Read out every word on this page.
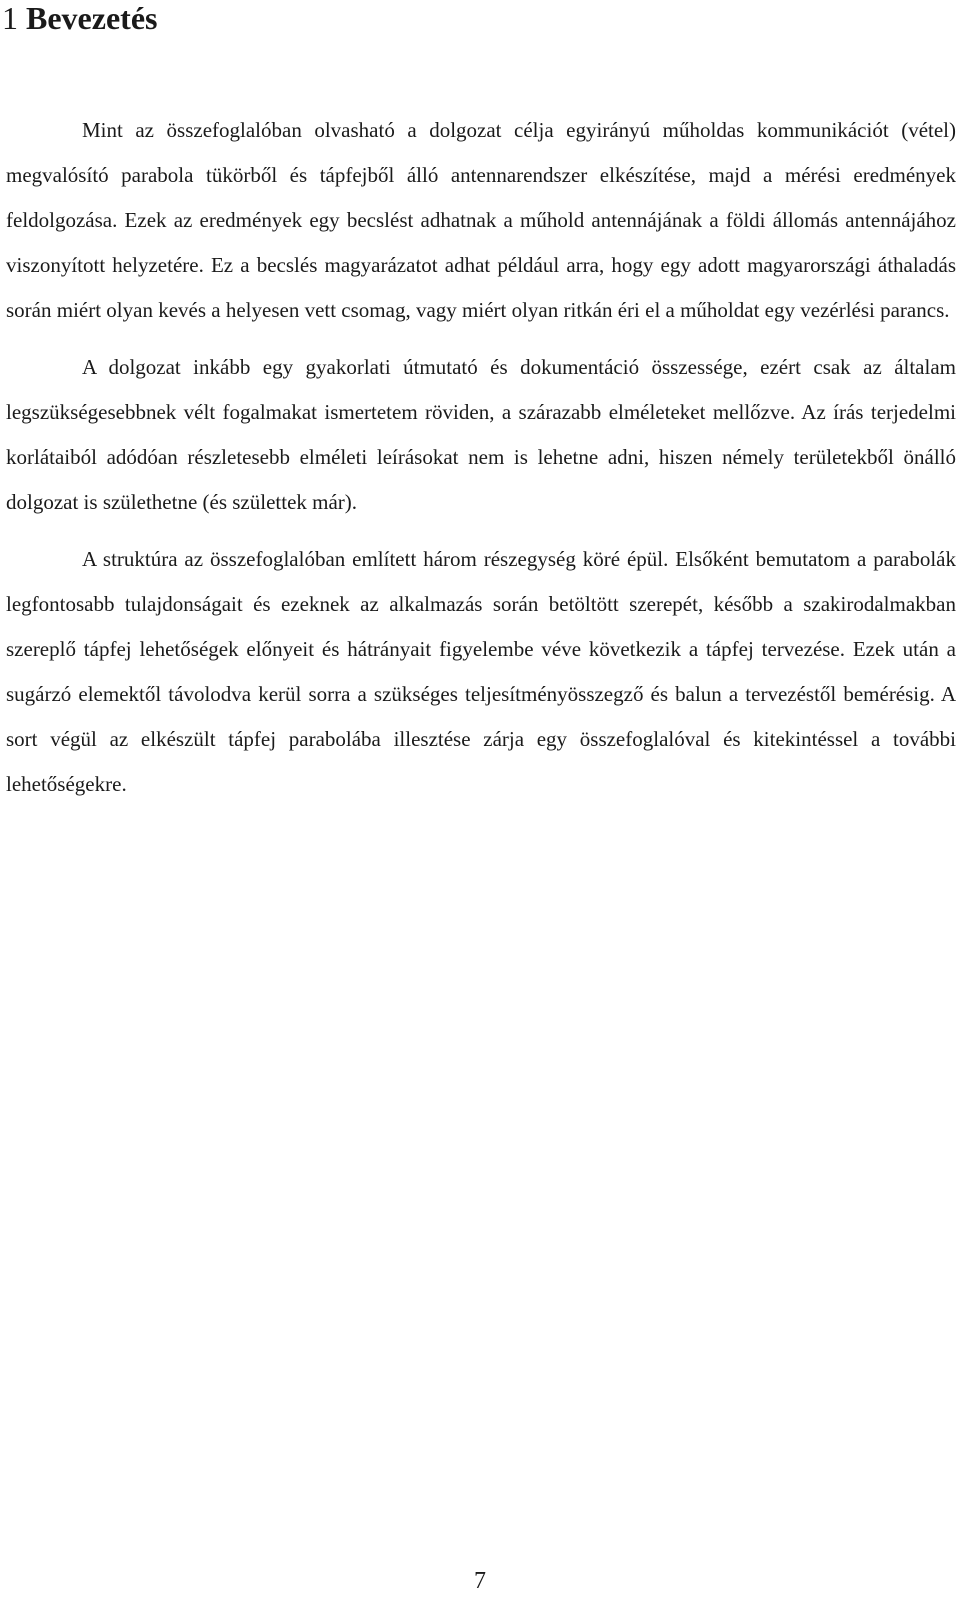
1 Bevezetés

Mint az összefoglalóban olvasható a dolgozat célja egyirányú műholdas kommunikációt (vétel) megvalósító parabola tükörből és tápfejből álló antennarendszer elkészítése, majd a mérési eredmények feldolgozása. Ezek az eredmények egy becslést adhatnak a műhold antennájának a földi állomás antennájához viszonyított helyzetére. Ez a becslés magyarázatot adhat például arra, hogy egy adott magyarországi áthaladás során miért olyan kevés a helyesen vett csomag, vagy miért olyan ritkán éri el a műholdat egy vezérlési parancs.

A dolgozat inkább egy gyakorlati útmutató és dokumentáció összessége, ezért csak az általam legszükségesebbnek vélt fogalmakat ismertetem röviden, a szárazabb elméleteket mellőzve. Az írás terjedelmi korlátaiból adódóan részletesebb elméleti leírásokat nem is lehetne adni, hiszen némely területekből önálló dolgozat is születhetne (és születtek már).

A struktúra az összefoglalóban említett három részegység köré épül. Elsőként bemutatom a parabolák legfontosabb tulajdonságait és ezeknek az alkalmazás során betöltött szerepét, később a szakirodalmakban szereplő tápfej lehetőségek előnyeit és hátrányait figyelembe véve következik a tápfej tervezése. Ezek után a sugárzó elemektől távolodva kerül sorra a szükséges teljesítményösszegző és balun a tervezéstől bemérésig. A sort végül az elkészült tápfej parabolába illesztése zárja egy összefoglalóval és kitekintéssel a további lehetőségekre.

7
